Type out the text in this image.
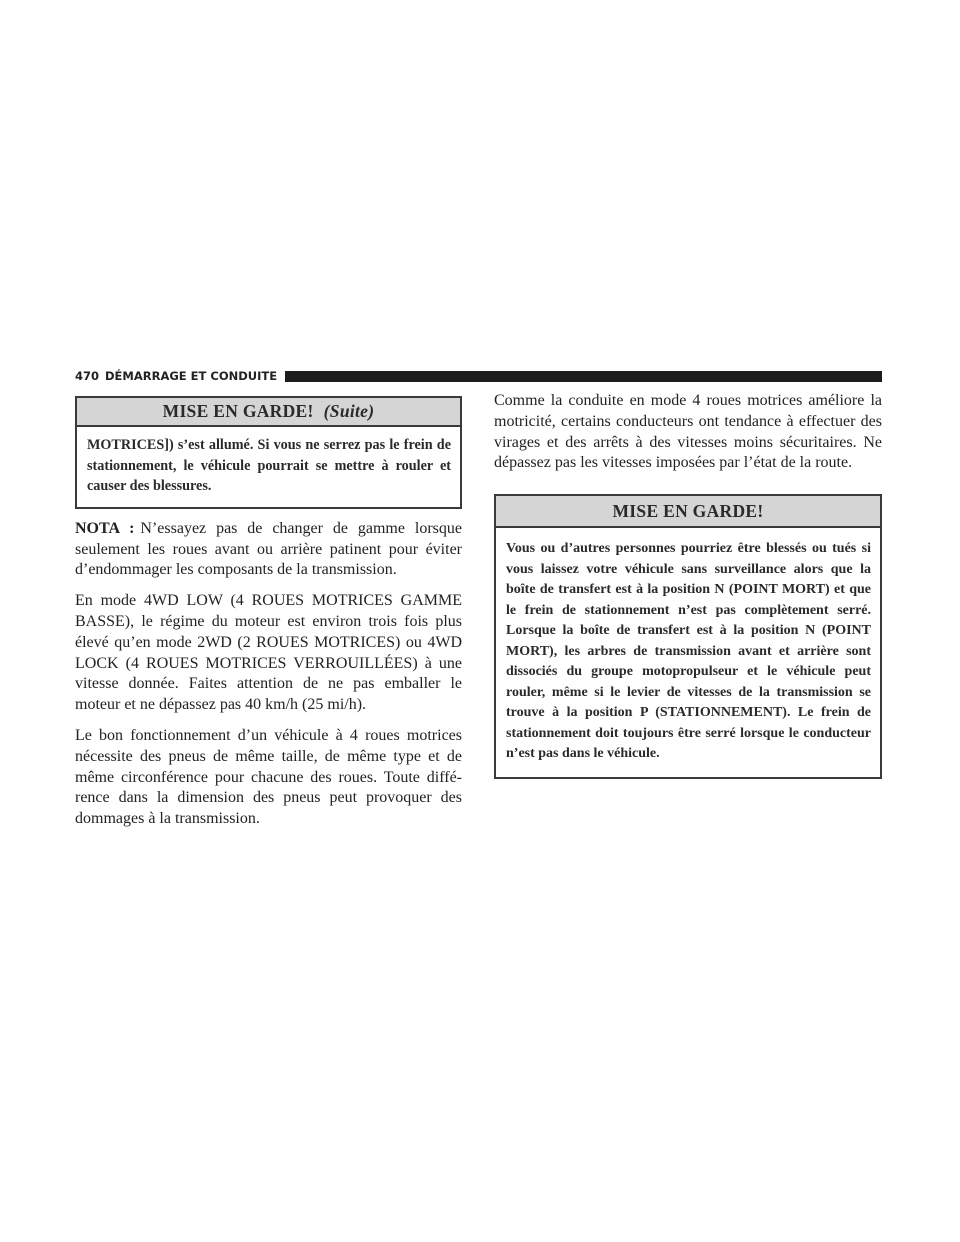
470 DÉMARRAGE ET CONDUITE
MISE EN GARDE! (Suite)
MOTRICES]) s’est allumé. Si vous ne serrez pas le frein de stationnement, le véhicule pourrait se mettre à rouler et causer des blessures.

NOTA : N’essayez pas de changer de gamme lorsque seulement les roues avant ou arrière patinent pour éviter d’endommager les composants de la transmission.

En mode 4WD LOW (4 ROUES MOTRICES GAMME BASSE), le régime du moteur est environ trois fois plus élevé qu’en mode 2WD (2 ROUES MOTRICES) ou 4WD LOCK (4 ROUES MOTRICES VERROUILLÉES) à une vitesse donnée. Faites attention de ne pas emballer le moteur et ne dépassez pas 40 km/h (25 mi/h).

Le bon fonctionnement d’un véhicule à 4 roues motrices nécessite des pneus de même taille, de même type et de même circonférence pour chacune des roues. Toute différence dans la dimension des pneus peut provoquer des dommages à la transmission.

Comme la conduite en mode 4 roues motrices améliore la motricité, certains conducteurs ont tendance à effectuer des virages et des arrêts à des vitesses moins sécuritaires. Ne dépassez pas les vitesses imposées par l’état de la route.

MISE EN GARDE!
Vous ou d’autres personnes pourriez être blessés ou tués si vous laissez votre véhicule sans surveillance alors que la boîte de transfert est à la position N (POINT MORT) et que le frein de stationnement n’est pas complètement serré. Lorsque la boîte de transfert est à la position N (POINT MORT), les arbres de transmission avant et arrière sont dissociés du groupe motopropulseur et le véhicule peut rouler, même si le levier de vitesses de la transmission se trouve à la position P (STATIONNEMENT). Le frein de stationnement doit toujours être serré lorsque le conducteur n’est pas dans le véhicule.
